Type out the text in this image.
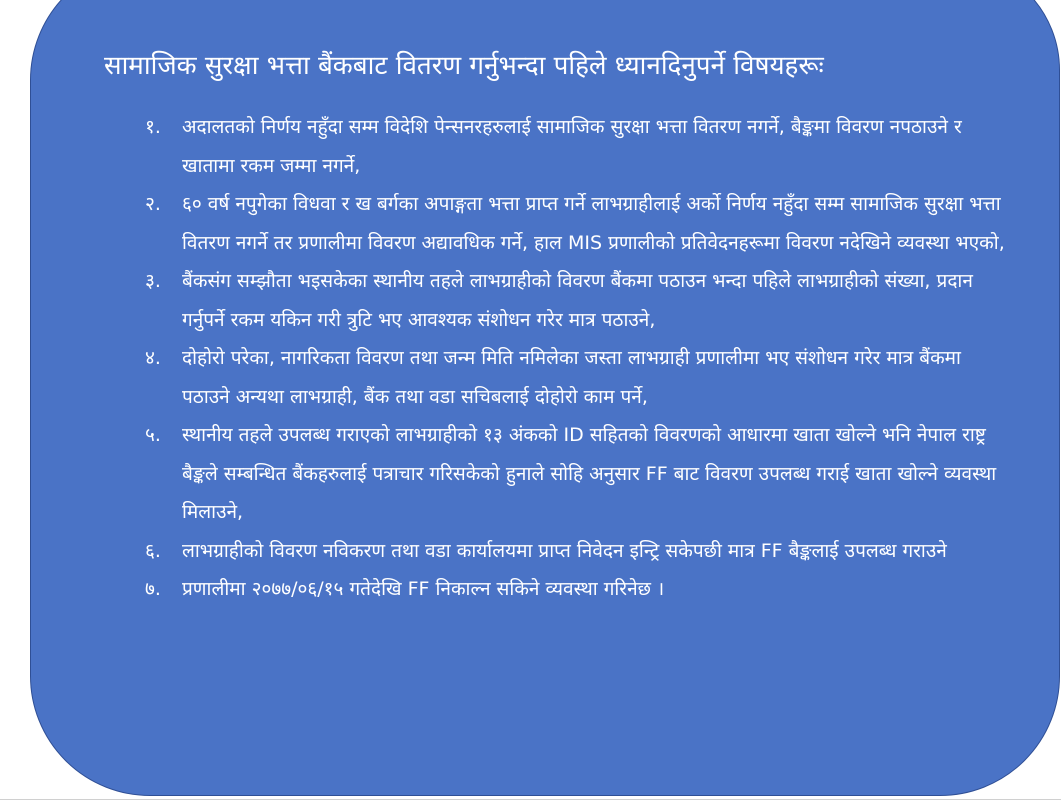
सामाजिक सुरक्षा भत्ता बैंकबाट वितरण गर्नुभन्दा पहिले ध्यानदिनुपर्ने विषयहरूः
१.	अदालतको निर्णय नहुँदा सम्म विदेशि पेन्सनरहरुलाई सामाजिक सुरक्षा भत्ता वितरण नगर्ने, बैङ्कमा विवरण नपठाउने र खातामा रकम जम्मा नगर्ने,
२.	६० वर्ष नपुगेका विधवा र ख बर्गका अपाङ्गता भत्ता प्राप्त गर्ने लाभग्राहीलाई अर्को निर्णय नहुँदा सम्म सामाजिक सुरक्षा भत्ता वितरण नगर्ने तर प्रणालीमा विवरण अद्यावधिक गर्ने, हाल MIS प्रणालीको प्रतिवेदनहरूमा विवरण नदेखिने व्यवस्था भएको,
३.	बैंकसंग सम्झौता भइसकेका स्थानीय तहले लाभग्राहीको विवरण बैंकमा पठाउन भन्दा पहिले लाभग्राहीको संख्या, प्रदान गर्नुपर्ने रकम यकिन गरी त्रुटि भए आवश्यक संशोधन गरेर मात्र पठाउने,
४.	दोहोरो परेका, नागरिकता विवरण तथा जन्म मिति नमिलेका जस्ता लाभग्राही प्रणालीमा भए संशोधन गरेर मात्र बैंकमा पठाउने अन्यथा लाभग्राही, बैंक तथा वडा सचिबलाई दोहोरो काम पर्ने,
५.	स्थानीय तहले उपलब्ध गराएको लाभग्राहीको १३ अंकको ID सहितको विवरणको आधारमा खाता खोल्ने भनि नेपाल राष्ट्र बैङ्कले सम्बन्धित बैंकहरुलाई पत्राचार गरिसकेको हुनाले सोहि अनुसार FF बाट विवरण उपलब्ध गराई खाता खोल्ने व्यवस्था मिलाउने,
६.	लाभग्राहीको विवरण नविकरण तथा वडा कार्यालयमा प्राप्त निवेदन इन्ट्रि सकेपछी मात्र FF बैङ्कलाई उपलब्ध गराउने
७.	प्रणालीमा २०७७/०६/१५ गतेदेखि FF निकाल्न सकिने व्यवस्था गरिनेछ ।
